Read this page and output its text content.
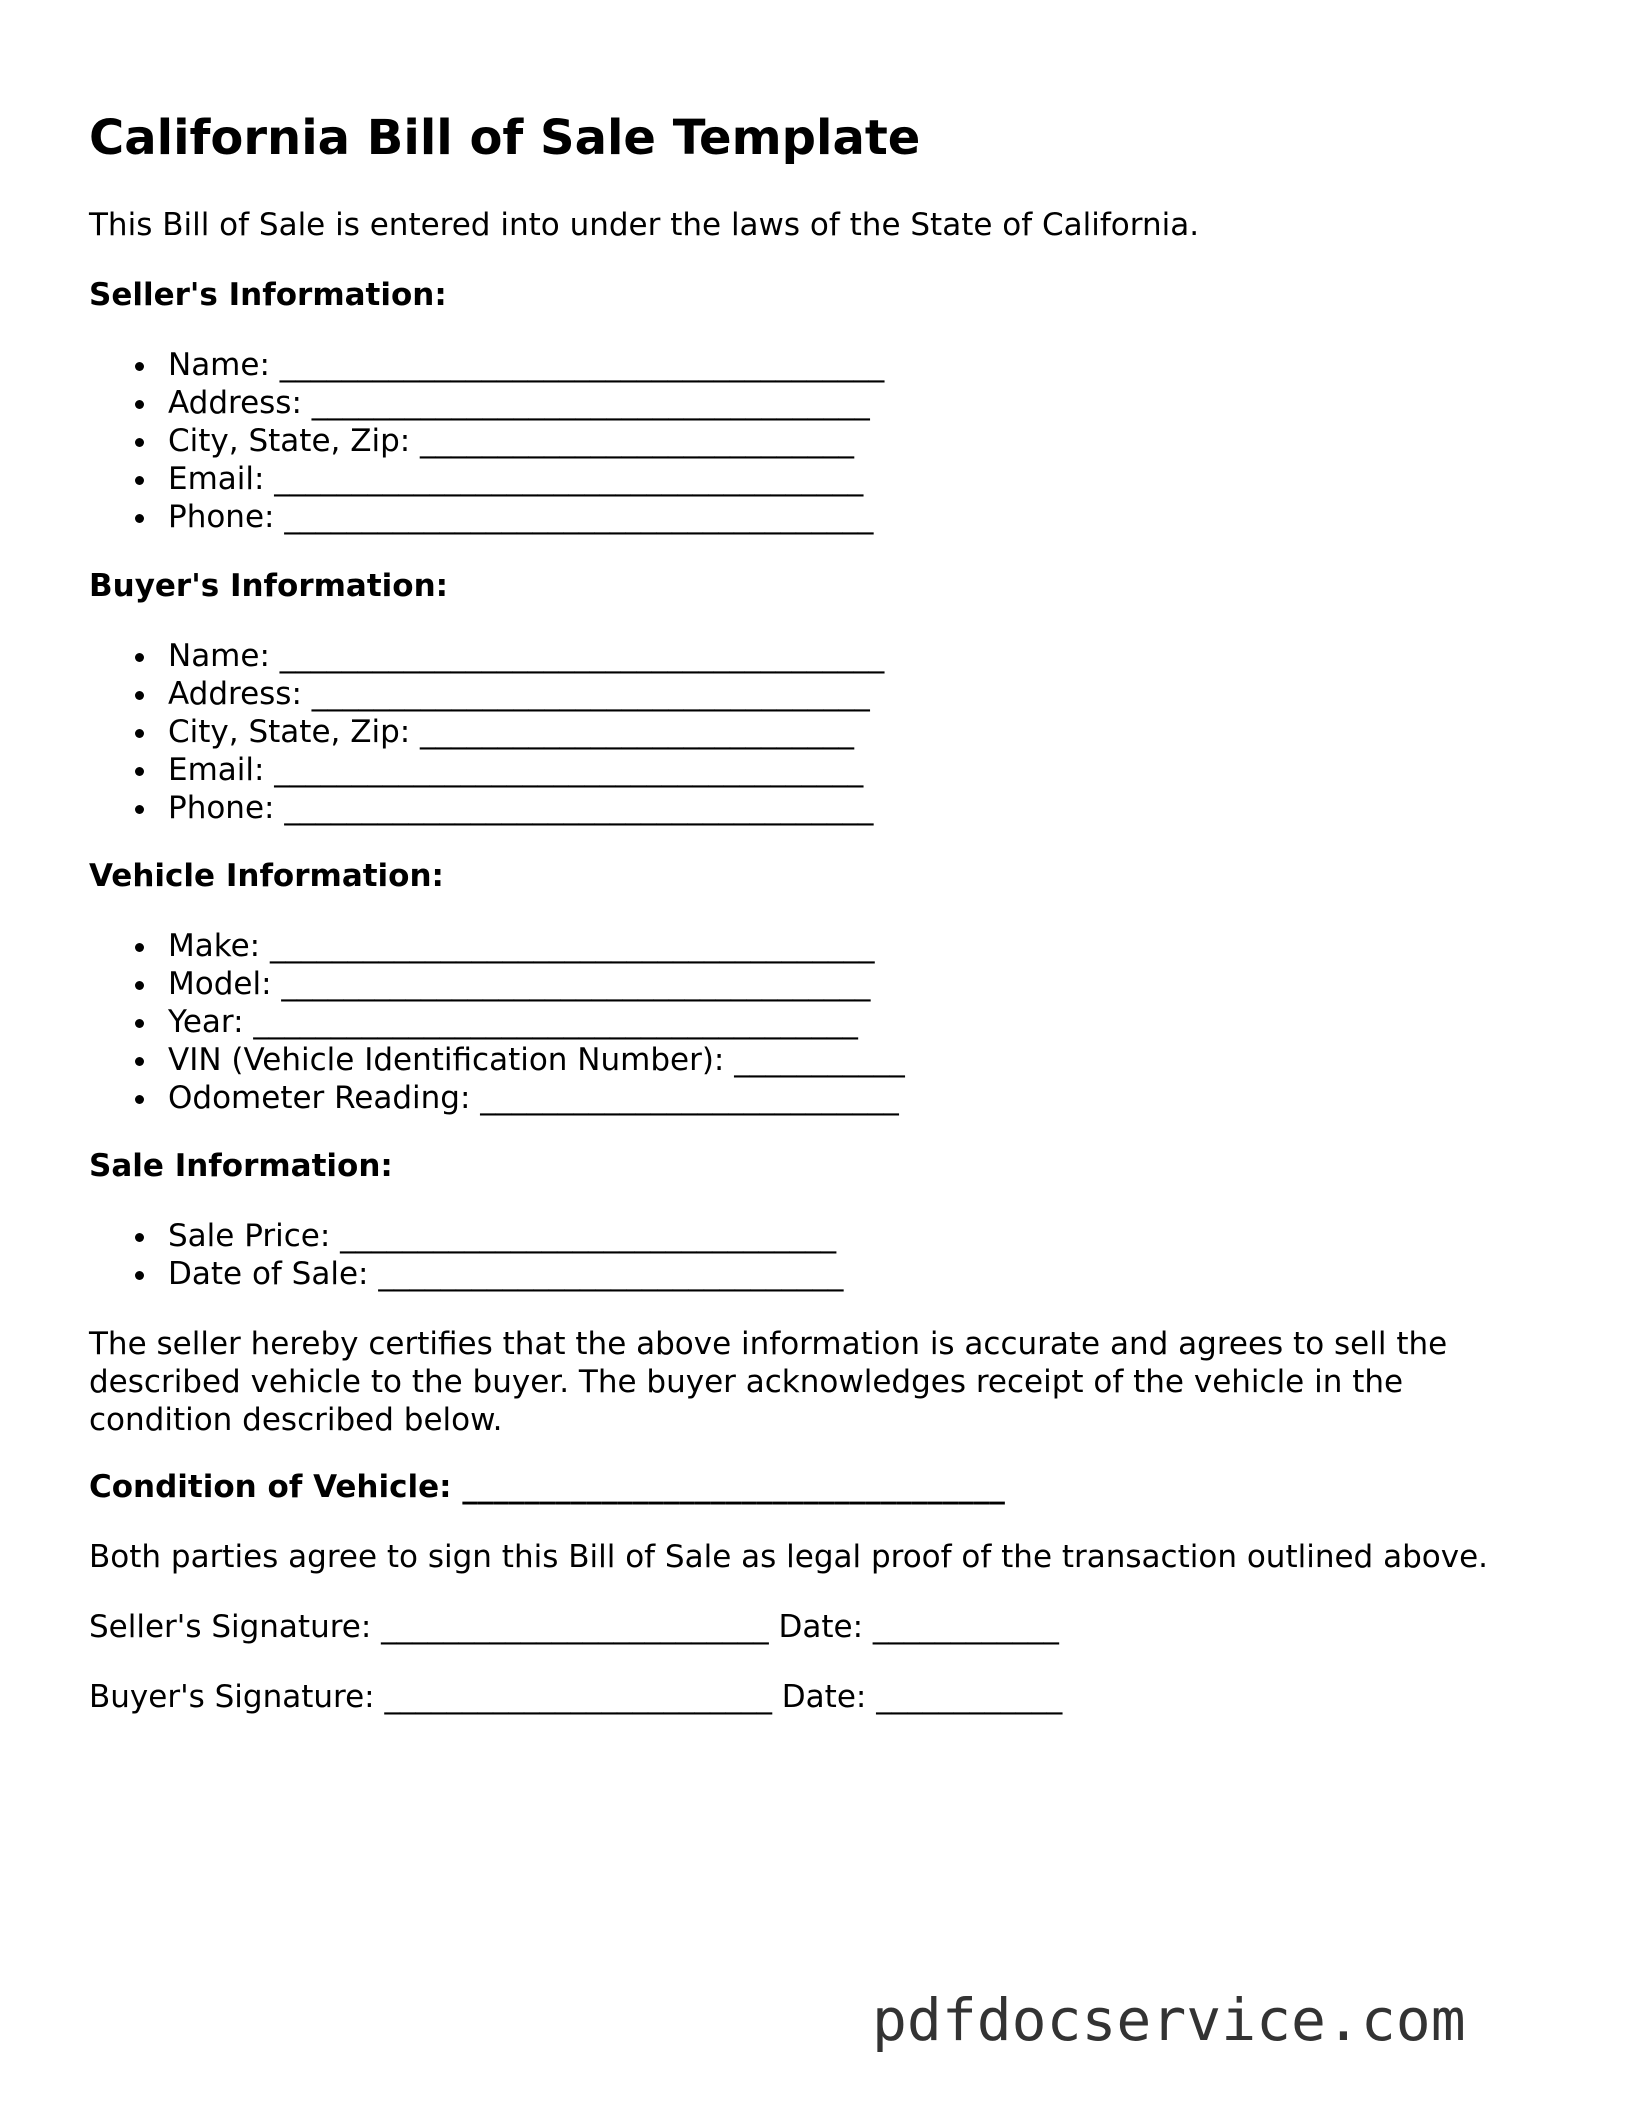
California Bill of Sale Template

This Bill of Sale is entered into under the laws of the State of California.

Seller's Information:

Name: _______________________________________
Address: ____________________________________
City, State, Zip: ____________________________
Email: ______________________________________
Phone: ______________________________________

Buyer's Information:

Name: _______________________________________
Address: ____________________________________
City, State, Zip: ____________________________
Email: ______________________________________
Phone: ______________________________________

Vehicle Information:

Make: _______________________________________
Model: ______________________________________
Year: _______________________________________
VIN (Vehicle Identification Number): ___________
Odometer Reading: ___________________________

Sale Information:

Sale Price: ________________________________
Date of Sale: ______________________________
The seller hereby certifies that the above information is accurate and agrees to sell the
described vehicle to the buyer. The buyer acknowledges receipt of the vehicle in the
condition described below.

Condition of Vehicle: ___________________________________

Both parties agree to sign this Bill of Sale as legal proof of the transaction outlined above.

Seller's Signature: _________________________ Date: ____________

Buyer's Signature: _________________________ Date: ____________

pdfdocservice.com
